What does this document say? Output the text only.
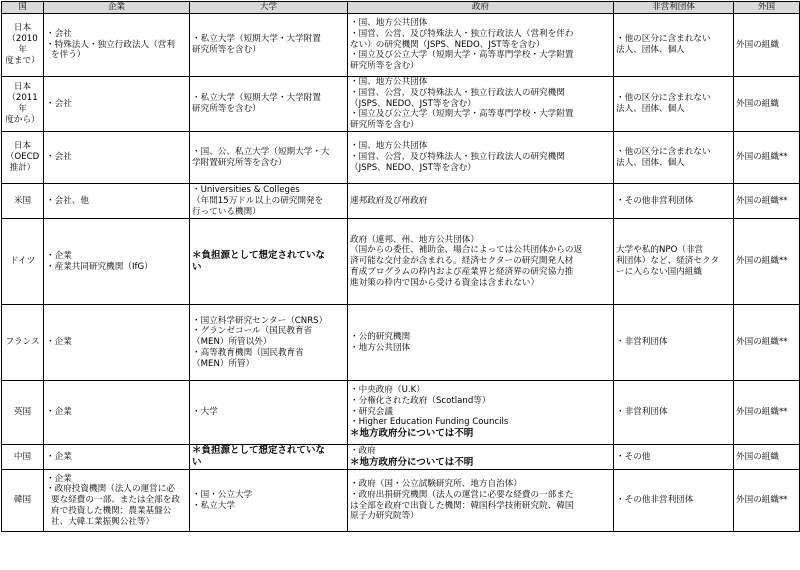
国	企業	大学	政府	非営利団体	外国

日本
（2010年
度まで）	・会社
・特殊法人・独立行政法人（営利
を伴う）	・私立大学（短期大学・大学附置
研究所等を含む）	・国、地方公共団体
・国営、公営、及び特殊法人・独立行政法人（営利を伴わ
ない）の研究機関（JSPS、NEDO、JST等を含む）
・国立及び公立大学（短期大学・高等専門学校・大学附置
研究所等を含む）	・他の区分に含まれない
法人、団体、個人	外国の組織

日本
（2011年
度から）	・会社	・私立大学（短期大学・大学附置
研究所等を含む）	・国、地方公共団体
・国営、公営、及び特殊法人・独立行政法人の研究機関
（JSPS、NEDO、JST等を含む）
・国立及び公立大学（短期大学・高等専門学校・大学附置
研究所等を含む）	・他の区分に含まれない
法人、団体、個人	外国の組織

日本
（OECD
推計）	・会社	・国、公、私立大学（短期大学・大
学附置研究所等を含む）	・国、地方公共団体
・国営、公営、及び特殊法人・独立行政法人の研究機関
（JSPS、NEDO、JST等を含む）	・他の区分に含まれない
法人、団体、個人	外国の組織**

米国	・会社、他	・Universities & Colleges
（年間15万ドル以上の研究開発を
行っている機関）	連邦政府及び州政府	・その他非営利団体	外国の組織**

ドイツ	・企業
・産業共同研究機関（IfG）	＊負担源として想定されていな
い	政府（連邦、州、地方公共団体）
（国からの委任、補助金、場合によっては公共団体からの返
済可能な交付金が含まれる。経済セクターの研究開発人材
育成プログラムの枠内および産業界と経済界の研究協力推
進対策の枠内で国から受ける資金は含まれない）	大学や私的NPO（非営
利団体）など、経済セクタ
ーに入らない国内組織	外国の組織**

フランス	・企業	・国立科学研究センター（CNRS）
・グランゼコール（国民教育省
（MEN）所管以外）
・高等教育機関（国民教育省
（MEN）所管）	・公的研究機関
・地方公共団体	・非営利団体	外国の組織**

英国	・企業	・大学	・中央政府（U.K）
・分権化された政府（Scotland等）
・研究会議
・Higher Education Funding Councils
＊地方政府分については不明	・非営利団体	外国の組織**

中国	・企業	＊負担源として想定されていな
い	・政府
＊地方政府分については不明	・その他	外国の組織

韓国	・企業
・政府投資機関（法人の運営に必
要な経費の一部、または全部を政
府で投資した機関：農業基盤公
社、大韓工業振興公社等）	・国・公立大学
・私立大学	・政府（国・公立試験研究所、地方自治体）
・政府出捐研究機関（法人の運営に必要な経費の一部また
は全部を政府で出資した機関：韓国科学技術研究院、韓国
原子力研究院等）	・その他非営利団体	外国の組織**
